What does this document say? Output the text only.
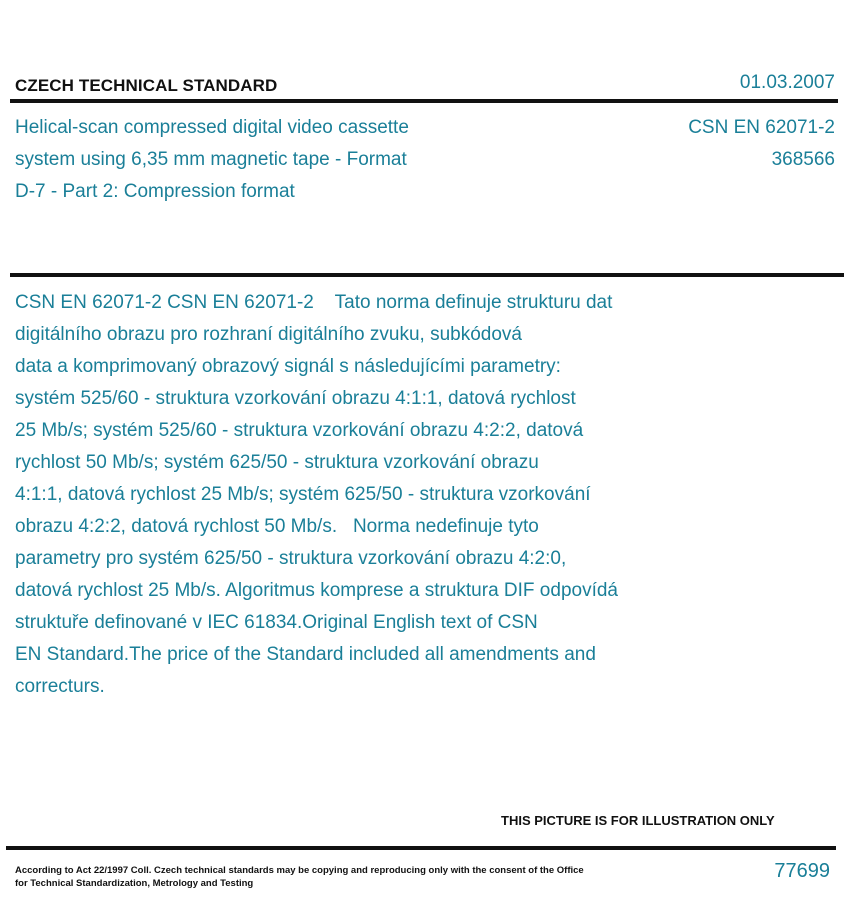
CZECH TECHNICAL STANDARD	01.03.2007
Helical-scan compressed digital video cassette
system using 6,35 mm magnetic tape - Format
D-7 - Part 2: Compression format
CSN EN 62071-2
368566
CSN EN 62071-2 CSN EN 62071-2    Tato norma definuje strukturu dat
digitálního obrazu pro rozhraní digitálního zvuku, subkódová
data a komprimovaný obrazový signál s následujícími parametry:
systém 525/60 - struktura vzorkování obrazu 4:1:1, datová rychlost
25 Mb/s; systém 525/60 - struktura vzorkování obrazu 4:2:2, datová
rychlost 50 Mb/s; systém 625/50 - struktura vzorkování obrazu
4:1:1, datová rychlost 25 Mb/s; systém 625/50 - struktura vzorkování
obrazu 4:2:2, datová rychlost 50 Mb/s.   Norma nedefinuje tyto
parametry pro systém 625/50 - struktura vzorkování obrazu 4:2:0,
datová rychlost 25 Mb/s. Algoritmus komprese a struktura DIF odpovídá
struktuře definované v IEC 61834.Original English text of CSN
EN Standard.The price of the Standard included all amendments and
correcturs.
THIS PICTURE IS FOR ILLUSTRATION ONLY
According to Act 22/1997 Coll. Czech technical standards may be copying and reproducing only with the consent of the Office
for Technical Standardization, Metrology and Testing
77699
